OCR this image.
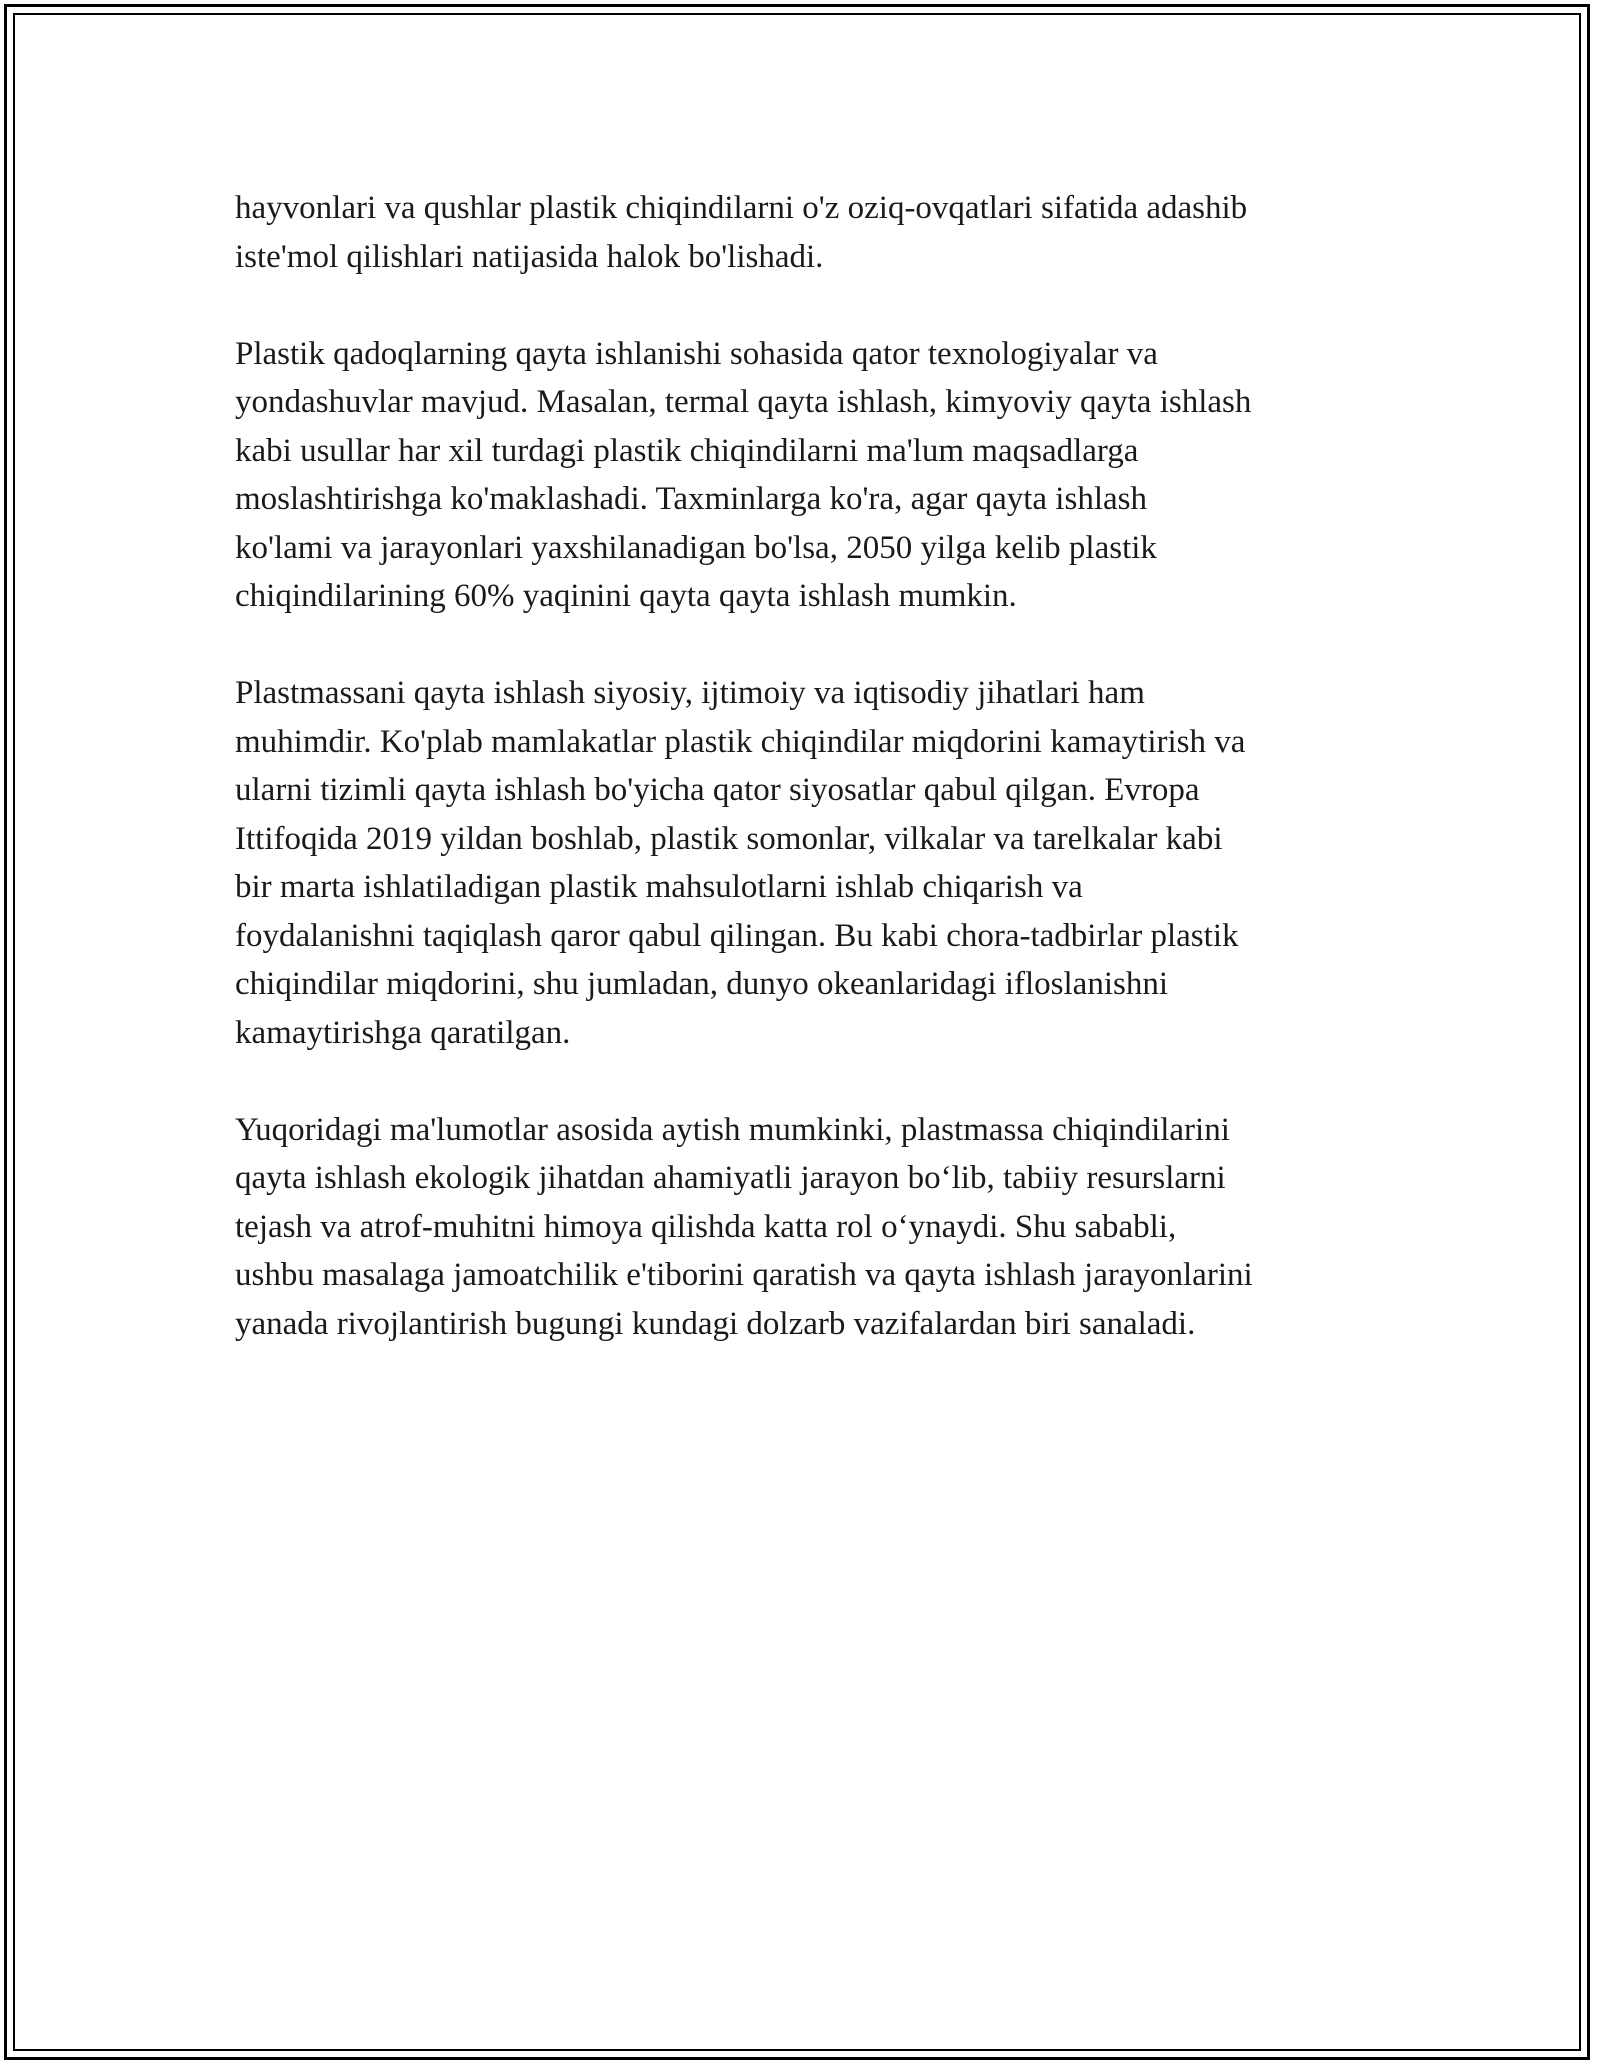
hayvonlari va qushlar plastik chiqindilarni o'z oziq-ovqatlari sifatida adashib
iste'mol qilishlari natijasida halok bo'lishadi.

Plastik qadoqlarning qayta ishlanishi sohasida qator texnologiyalar va
yondashuvlar mavjud. Masalan, termal qayta ishlash, kimyoviy qayta ishlash
kabi usullar har xil turdagi plastik chiqindilarni ma'lum maqsadlarga
moslashtirishga ko'maklashadi. Taxminlarga ko'ra, agar qayta ishlash
ko'lami va jarayonlari yaxshilanadigan bo'lsa, 2050 yilga kelib plastik
chiqindilarining 60% yaqinini qayta qayta ishlash mumkin.

Plastmassani qayta ishlash siyosiy, ijtimoiy va iqtisodiy jihatlari ham
muhimdir. Ko'plab mamlakatlar plastik chiqindilar miqdorini kamaytirish va
ularni tizimli qayta ishlash bo'yicha qator siyosatlar qabul qilgan. Evropa
Ittifoqida 2019 yildan boshlab, plastik somonlar, vilkalar va tarelkalar kabi
bir marta ishlatiladigan plastik mahsulotlarni ishlab chiqarish va
foydalanishni taqiqlash qaror qabul qilingan. Bu kabi chora-tadbirlar plastik
chiqindilar miqdorini, shu jumladan, dunyo okeanlaridagi ifloslanishni
kamaytirishga qaratilgan.

Yuqoridagi ma'lumotlar asosida aytish mumkinki, plastmassa chiqindilarini
qayta ishlash ekologik jihatdan ahamiyatli jarayon bo‘lib, tabiiy resurslarni
tejash va atrof-muhitni himoya qilishda katta rol o‘ynaydi. Shu sababli,
ushbu masalaga jamoatchilik e'tiborini qaratish va qayta ishlash jarayonlarini
yanada rivojlantirish bugungi kundagi dolzarb vazifalardan biri sanaladi.
